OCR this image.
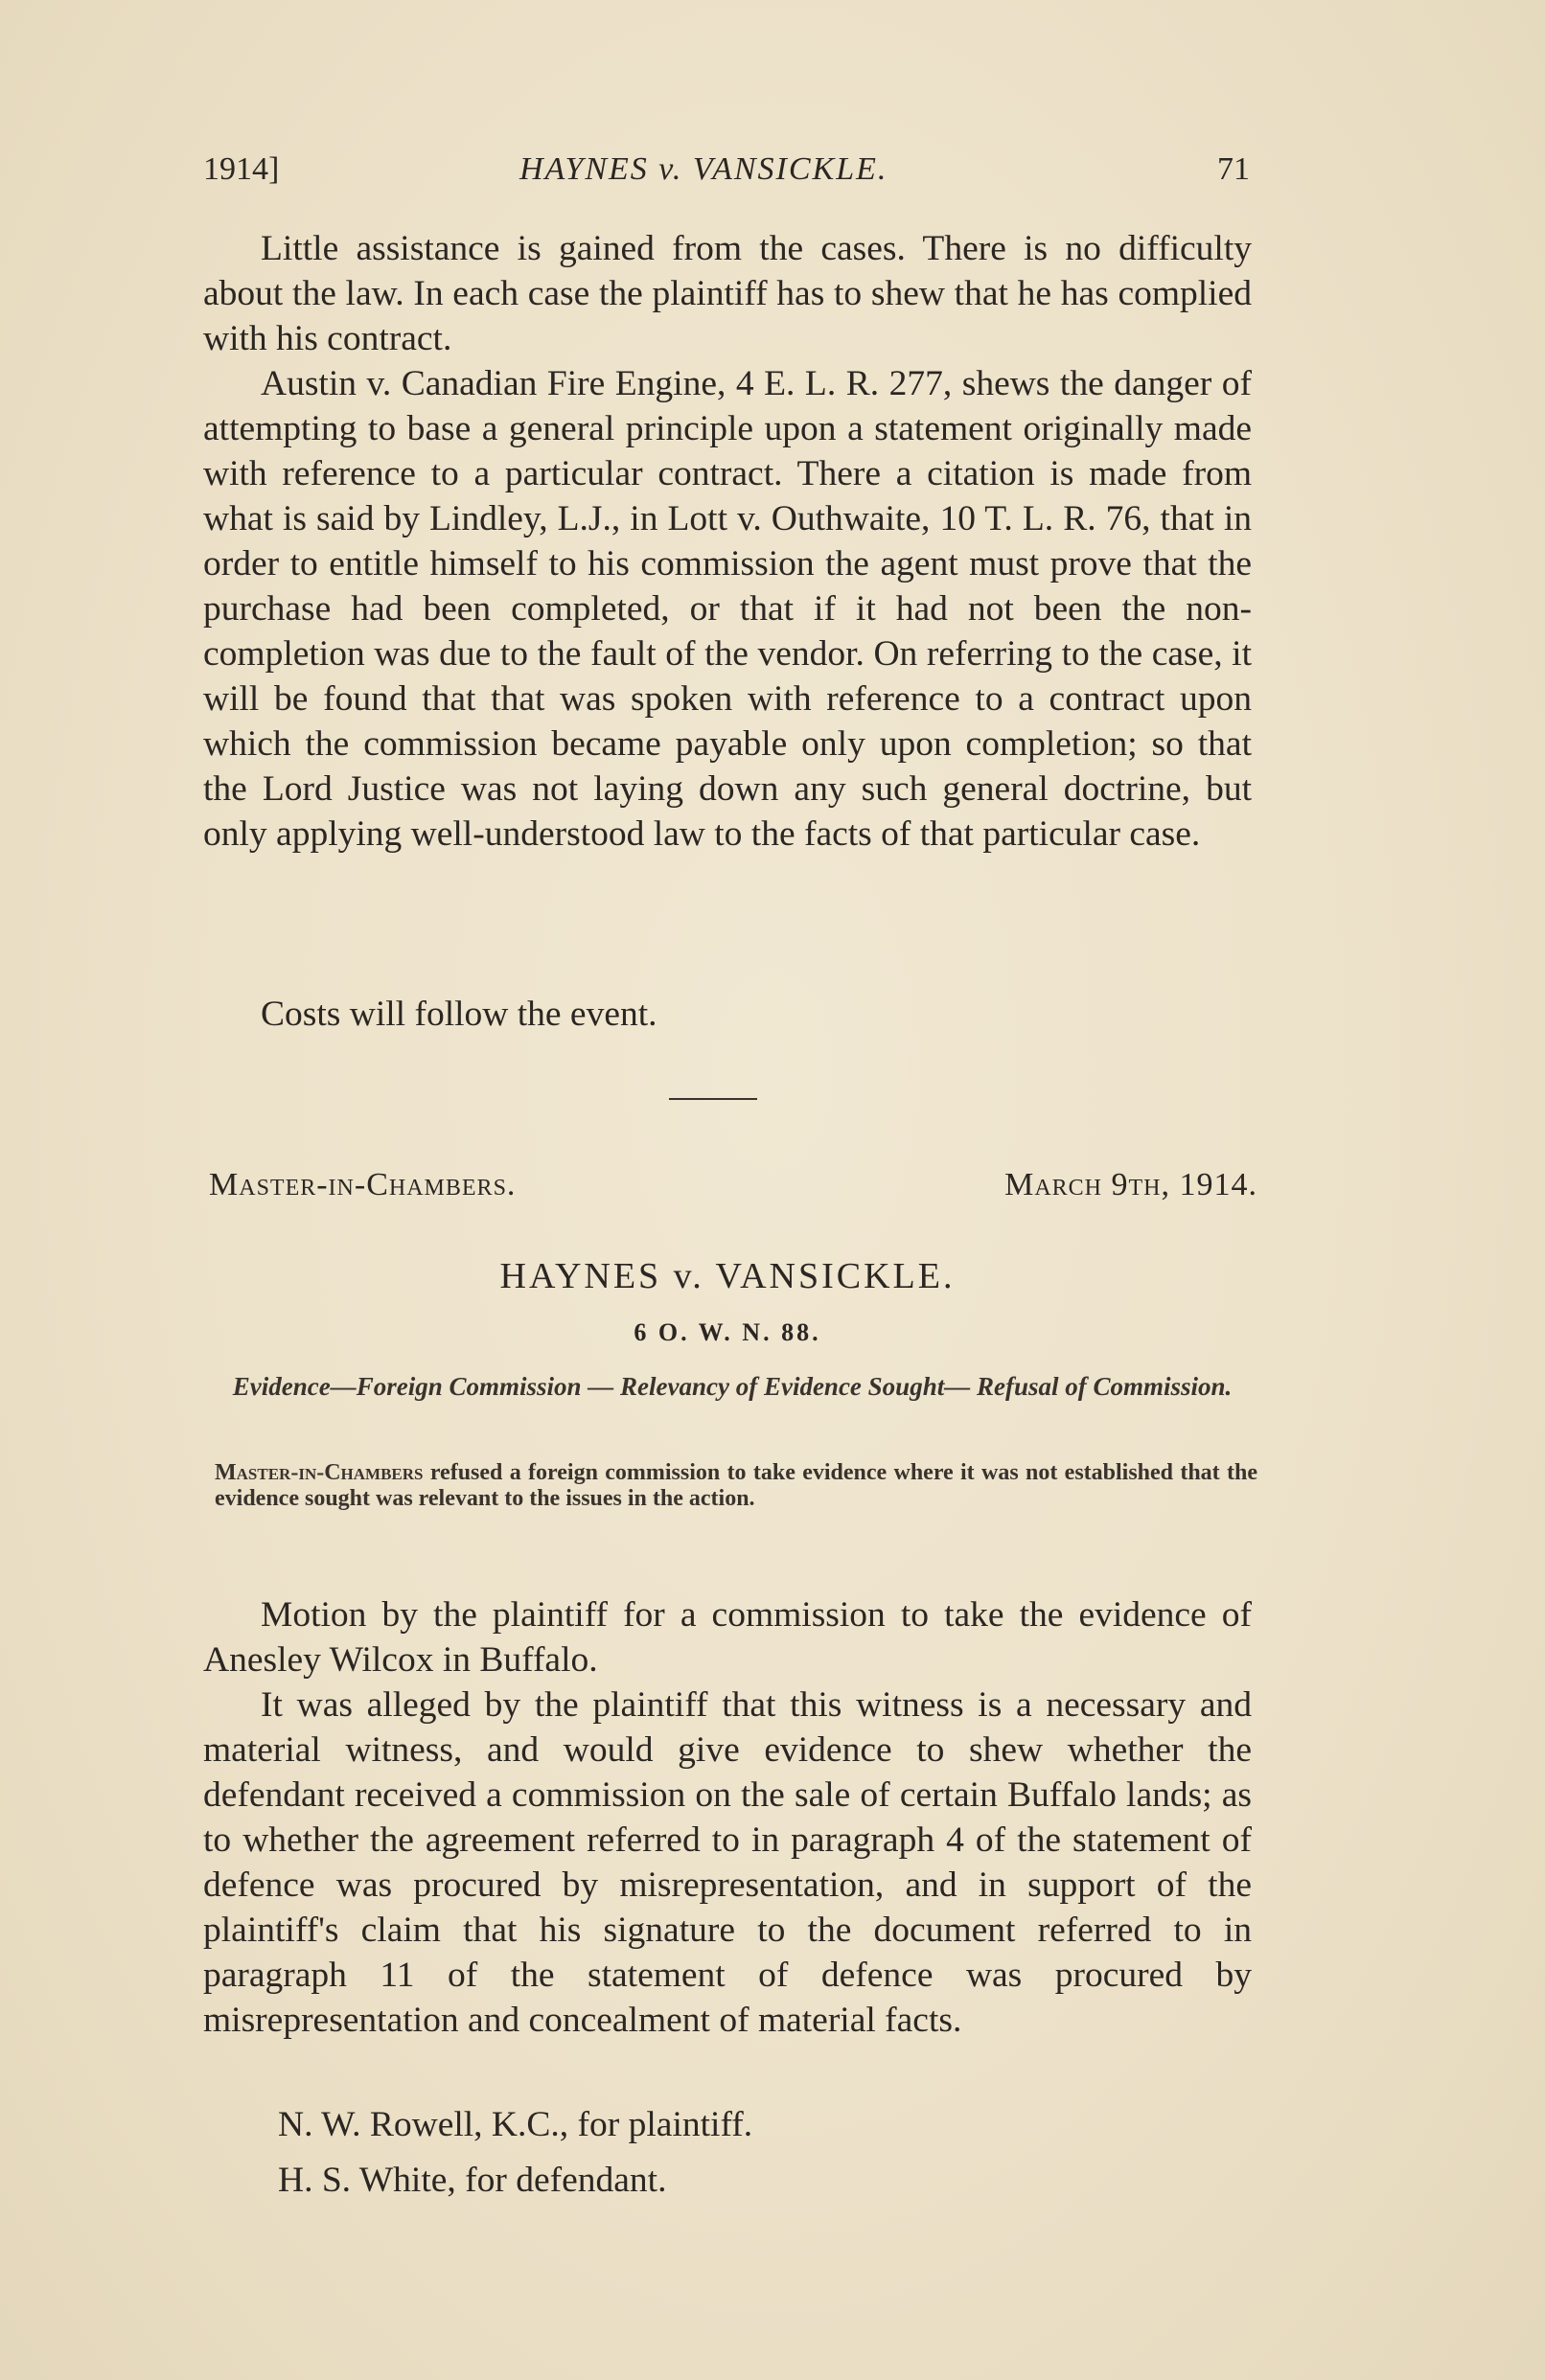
1914]	HAYNES v. VANSICKLE.	71

Little assistance is gained from the cases. There is no difficulty about the law. In each case the plaintiff has to shew that he has complied with his contract.

Austin v. Canadian Fire Engine, 4 E. L. R. 277, shews the danger of attempting to base a general principle upon a statement originally made with reference to a particular contract. There a citation is made from what is said by Lindley, L.J., in Lott v. Outhwaite, 10 T. L. R. 76, that in order to entitle himself to his commission the agent must prove that the purchase had been completed, or that if it had not been the non-completion was due to the fault of the vendor. On referring to the case, it will be found that that was spoken with reference to a contract upon which the commission became payable only upon completion; so that the Lord Justice was not laying down any such general doctrine, but only applying well-understood law to the facts of that particular case.

Costs will follow the event.

Master-in-Chambers.	March 9th, 1914.
HAYNES v. VANSICKLE.
6 O. W. N. 88.

Evidence—Foreign Commission — Relevancy of Evidence Sought— Refusal of Commission.

Master-in-Chambers refused a foreign commission to take evidence where it was not established that the evidence sought was relevant to the issues in the action.

Motion by the plaintiff for a commission to take the evidence of Anesley Wilcox in Buffalo.

It was alleged by the plaintiff that this witness is a necessary and material witness, and would give evidence to shew whether the defendant received a commission on the sale of certain Buffalo lands; as to whether the agreement referred to in paragraph 4 of the statement of defence was procured by misrepresentation, and in support of the plaintiff's claim that his signature to the document referred to in paragraph 11 of the statement of defence was procured by misrepresentation and concealment of material facts.

N. W. Rowell, K.C., for plaintiff.

H. S. White, for defendant.
